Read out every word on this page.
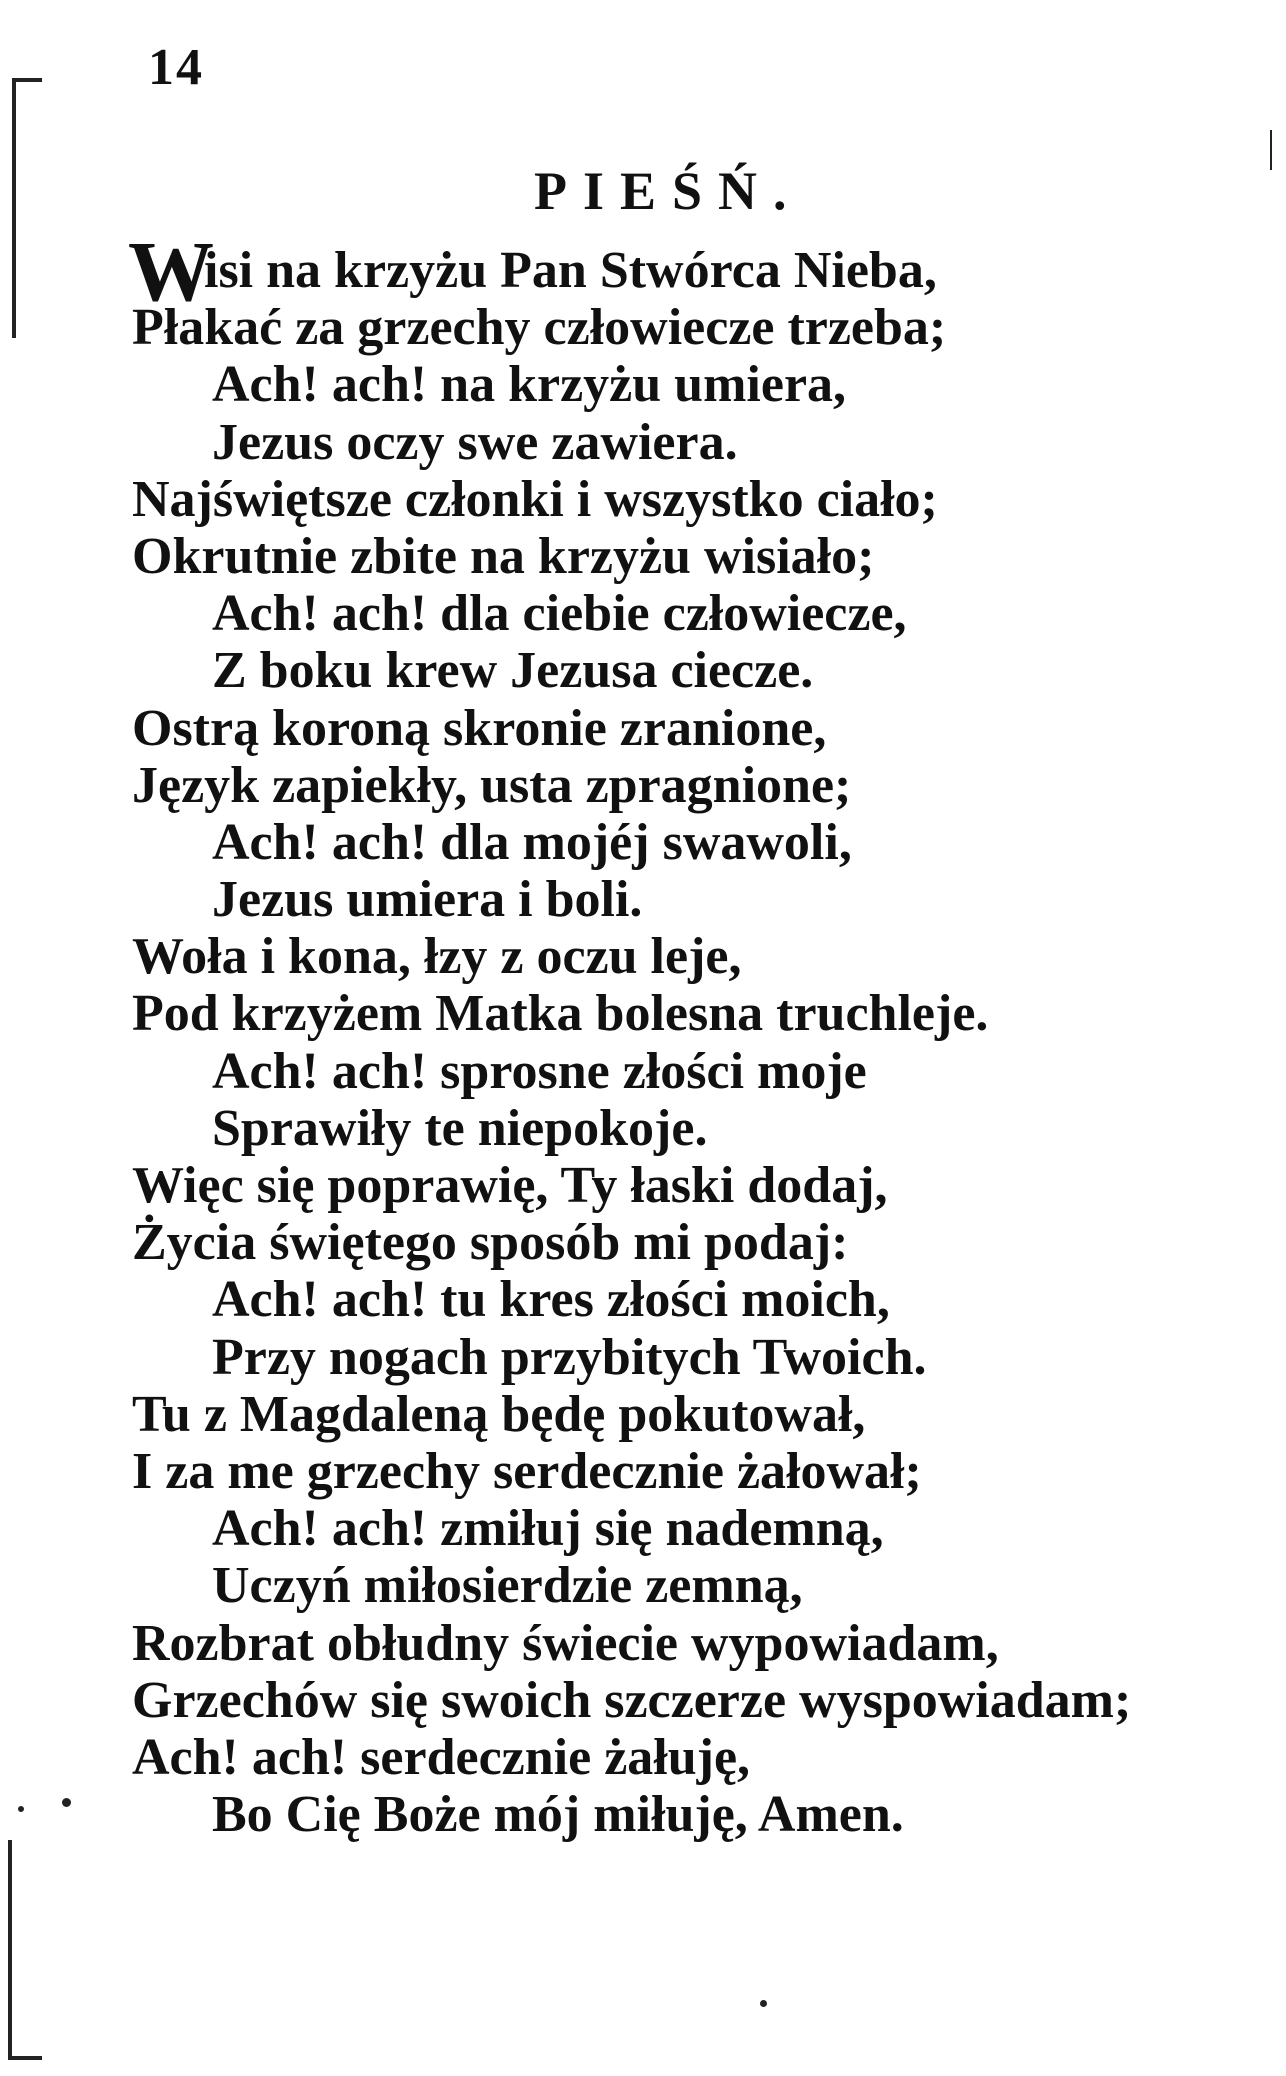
14
PIEŚŃ.
W
isi na krzyżu Pan Stwórca Nieba,
Płakać za grzechy człowiecze trzeba;
Ach! ach! na krzyżu umiera,
Jezus oczy swe zawiera.
Najświętsze członki i wszystko ciało;
Okrutnie zbite na krzyżu wisiało;
Ach! ach! dla ciebie człowiecze,
Z boku krew Jezusa ciecze.
Ostrą koroną skronie zranione,
Język zapiekły, usta zpragnione;
Ach! ach! dla mojéj swawoli,
Jezus umiera i boli.
Woła i kona, łzy z oczu leje,
Pod krzyżem Matka bolesna truchleje.
Ach! ach! sprosne złości moje
Sprawiły te niepokoje.
Więc się poprawię, Ty łaski dodaj,
Życia świętego sposób mi podaj:
Ach! ach! tu kres złości moich,
Przy nogach przybitych Twoich.
Tu z Magdaleną będę pokutował,
I za me grzechy serdecznie żałował;
Ach! ach! zmiłuj się nademną,
Uczyń miłosierdzie zemną,
Rozbrat obłudny świecie wypowiadam,
Grzechów się swoich szczerze wyspowiadam;
Ach! ach! serdecznie żałuję,
Bo Cię Boże mój miłuję, Amen.
